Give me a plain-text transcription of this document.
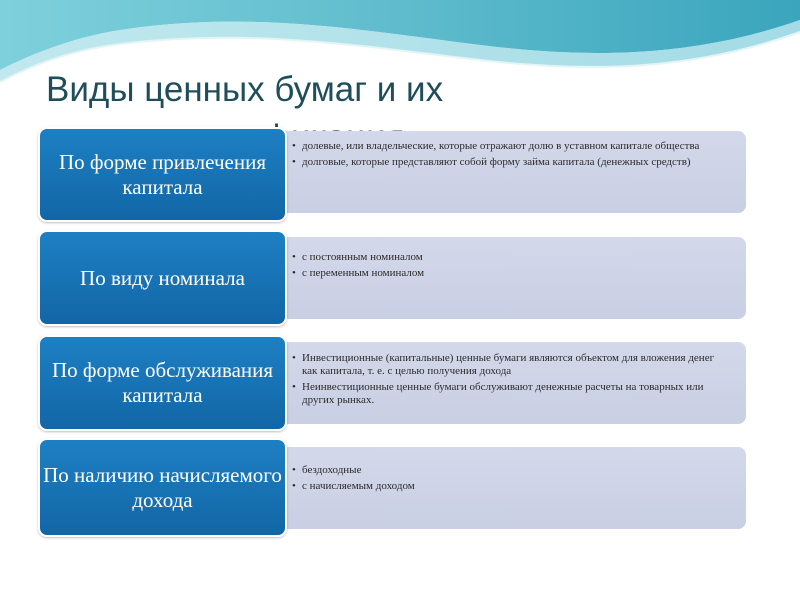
Виды ценных бумаг и их
• долевые, или владельческие, которые отражают долю в уставном капитале общества
• долговые, которые представляют собой форму займа капитала (денежных средств)
По форме привлечения капитала
• с постоянным номиналом
• с переменным номиналом
По виду номинала
• Инвестиционные (капитальные) ценные бумаги являются объектом для вложения денег как капитала, т. е. с целью получения дохода
• Неинвестиционные ценные бумаги обслуживают денежные расчеты на товарных или других рынках.
По форме обслуживания капитала
• бездоходные
• с начисляемым доходом
По наличию начисляемого дохода
